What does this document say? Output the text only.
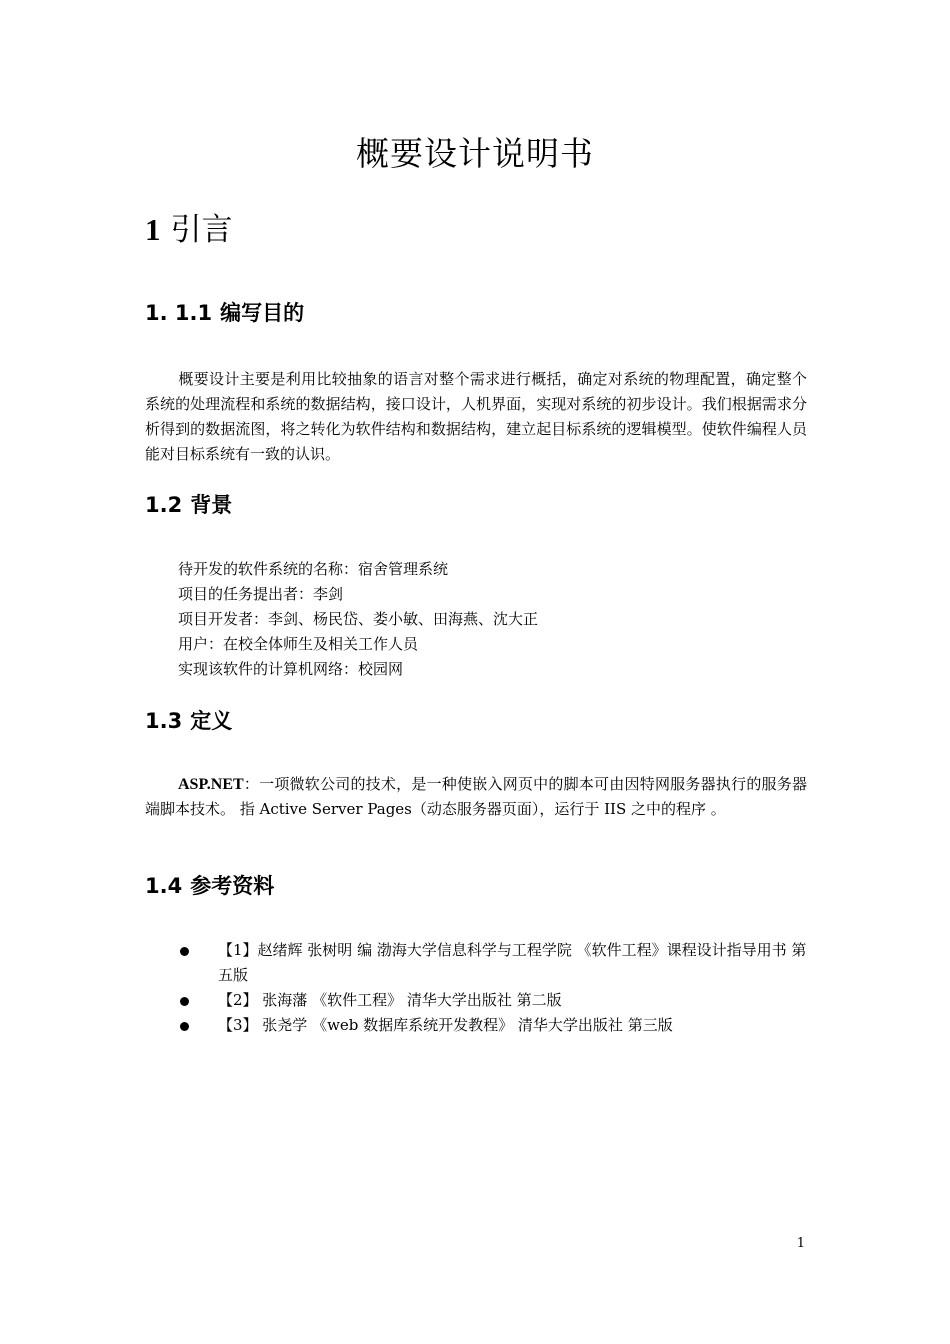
概要设计说明书
1 引言
1. 1.1 编写目的
概要设计主要是利用比较抽象的语言对整个需求进行概括，确定对系统的物理配置，确定整个系统的处理流程和系统的数据结构，接口设计，人机界面，实现对系统的初步设计。我们根据需求分析得到的数据流图，将之转化为软件结构和数据结构，建立起目标系统的逻辑模型。使软件编程人员能对目标系统有一致的认识。
1.2 背景
待开发的软件系统的名称：宿舍管理系统
项目的任务提出者：李剑
项目开发者：李剑、杨民岱、娄小敏、田海燕、沈大正
用户：在校全体师生及相关工作人员
实现该软件的计算机网络：校园网
1.3 定义
ASP.NET：一项微软公司的技术，是一种使嵌入网页中的脚本可由因特网服务器执行的服务器端脚本技术。 指 Active Server Pages（动态服务器页面），运行于 IIS 之中的程序 。
1.4 参考资料
【1】赵绪辉 张树明 编 渤海大学信息科学与工程学院 《软件工程》课程设计指导用书 第五版
【2】 张海藩 《软件工程》 清华大学出版社 第二版
【3】 张尧学 《web 数据库系统开发教程》 清华大学出版社 第三版
1
